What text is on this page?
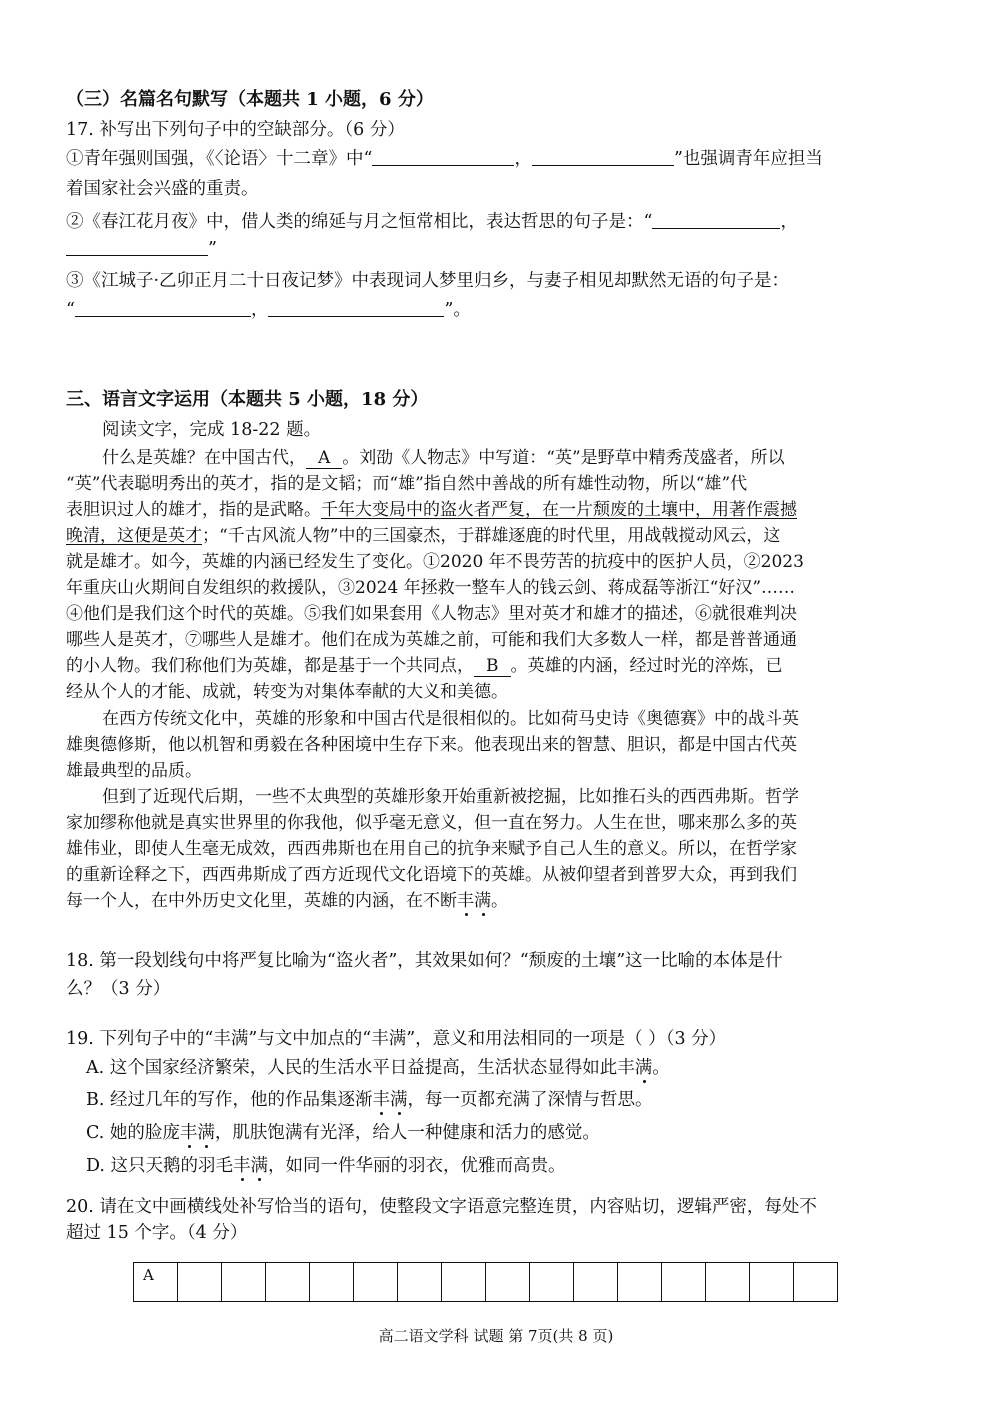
（三）名篇名句默写（本题共 1 小题，6 分）
17. 补写出下列句子中的空缺部分。（6 分）
①青年强则国强，《〈论语〉十二章》中“	，	”也强调青年应担当
着国家社会兴盛的重责。
②《春江花月夜》中，借人类的绵延与月之恒常相比，表达哲思的句子是：“	，
”
③《江城子·乙卯正月二十日夜记梦》中表现词人梦里归乡，与妻子相见却默然无语的句子是：
“	，	”。
三、语言文字运用（本题共 5 小题，18 分）
阅读文字，完成 18-22 题。
什么是英雄？在中国古代， A 。刘劭《人物志》中写道：“英”是野草中精秀茂盛者，所以
“英”代表聪明秀出的英才，指的是文韬；而“雄”指自然中善战的所有雄性动物，所以“雄”代
表胆识过人的雄才，指的是武略。千年大变局中的盗火者严复，在一片颓废的土壤中，用著作震撼
晚清，这便是英才；“千古风流人物”中的三国豪杰，于群雄逐鹿的时代里，用战戟搅动风云，这
就是雄才。如今，英雄的内涵已经发生了变化。①2020 年不畏劳苦的抗疫中的医护人员，②2023
年重庆山火期间自发组织的救援队，③2024 年拯救一整车人的钱云剑、蒋成磊等浙江“好汉”……
④他们是我们这个时代的英雄。⑤我们如果套用《人物志》里对英才和雄才的描述，⑥就很难判决
哪些人是英才，⑦哪些人是雄才。他们在成为英雄之前，可能和我们大多数人一样，都是普普通通
的小人物。我们称他们为英雄，都是基于一个共同点， B 。英雄的内涵，经过时光的淬炼，已
经从个人的才能、成就，转变为对集体奉献的大义和美德。
在西方传统文化中，英雄的形象和中国古代是很相似的。比如荷马史诗《奥德赛》中的战斗英
雄奥德修斯，他以机智和勇毅在各种困境中生存下来。他表现出来的智慧、胆识，都是中国古代英
雄最典型的品质。
但到了近现代后期，一些不太典型的英雄形象开始重新被挖掘，比如推石头的西西弗斯。哲学
家加缪称他就是真实世界里的你我他，似乎毫无意义，但一直在努力。人生在世，哪来那么多的英
雄伟业，即使人生毫无成效，西西弗斯也在用自己的抗争来赋予自己人生的意义。所以，在哲学家
的重新诠释之下，西西弗斯成了西方近现代文化语境下的英雄。从被仰望者到普罗大众，再到我们
每一个人，在中外历史文化里，英雄的内涵，在不断丰满。
18. 第一段划线句中将严复比喻为“盗火者”，其效果如何？“颓废的土壤”这一比喻的本体是什
么？（3 分）
19. 下列句子中的“丰满”与文中加点的“丰满”，意义和用法相同的一项是（ ）（3 分）
A. 这个国家经济繁荣，人民的生活水平日益提高，生活状态显得如此丰满。
B. 经过几年的写作，他的作品集逐渐丰满，每一页都充满了深情与哲思。
C. 她的脸庞丰满，肌肤饱满有光泽，给人一种健康和活力的感觉。
D. 这只天鹅的羽毛丰满，如同一件华丽的羽衣，优雅而高贵。
20. 请在文中画横线处补写恰当的语句，使整段文字语意完整连贯，内容贴切，逻辑严密，每处不
超过 15 个字。（4 分）
A

高二语文学科 试题 第 7页(共 8 页)
